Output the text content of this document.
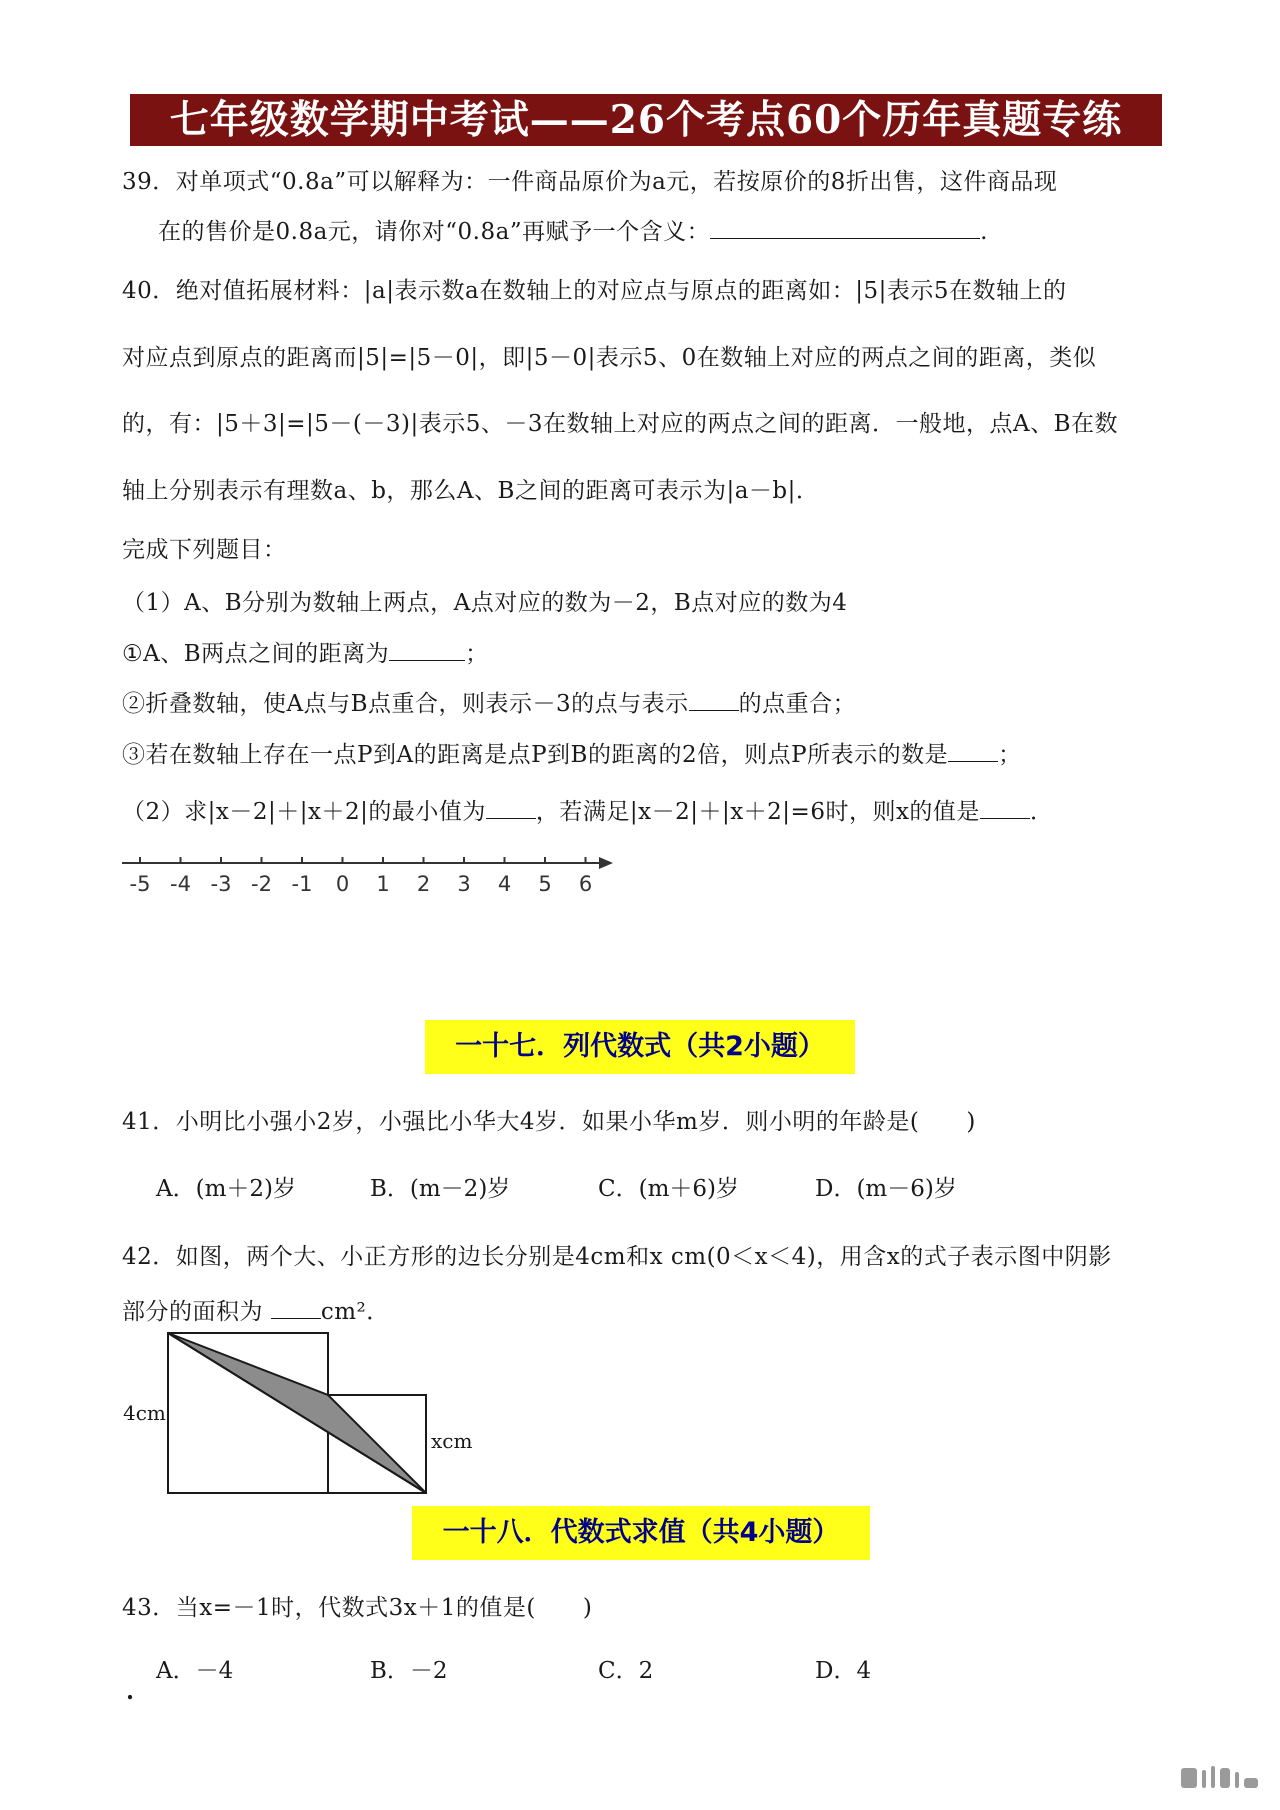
七年级数学期中考试——26个考点60个历年真题专练
39．对单项式“0.8a”可以解释为：一件商品原价为a元，若按原价的8折出售，这件商品现
在的售价是0.8a元，请你对“0.8a”再赋予一个含义：	.
40．绝对值拓展材料：|a|表示数a在数轴上的对应点与原点的距离如：|5|表示5在数轴上的
对应点到原点的距离而|5|=|5－0|，即|5－0|表示5、0在数轴上对应的两点之间的距离，类似
的，有：|5＋3|=|5－(－3)|表示5、－3在数轴上对应的两点之间的距离．一般地，点A、B在数
轴上分别表示有理数a、b，那么A、B之间的距离可表示为|a－b|．
完成下列题目：
（1）A、B分别为数轴上两点，A点对应的数为－2，B点对应的数为4
①A、B两点之间的距离为	；
②折叠数轴，使A点与B点重合，则表示－3的点与表示 的点重合；
③若在数轴上存在一点P到A的距离是点P到B的距离的2倍，则点P所表示的数是 ；
（2）求|x－2|＋|x＋2|的最小值为 ，若满足|x－2|＋|x＋2|=6时，则x的值是 ．
-5 -4 -3 -2 -1 0 1 2 3 4 5 6
一十七．列代数式（共2小题）
41．小明比小强小2岁，小强比小华大4岁．如果小华m岁．则小明的年龄是(　　)
A．(m＋2)岁	B．(m－2)岁	C．(m＋6)岁	D．(m－6)岁
42．如图，两个大、小正方形的边长分别是4cm和x cm(0＜x＜4)，用含x的式子表示图中阴影
部分的面积为 cm²．
4cm
xcm
一十八．代数式求值（共4小题）
43．当x=－1时，代数式3x＋1的值是(　　)
A．－4	B．－2	C．2	D．4
.
